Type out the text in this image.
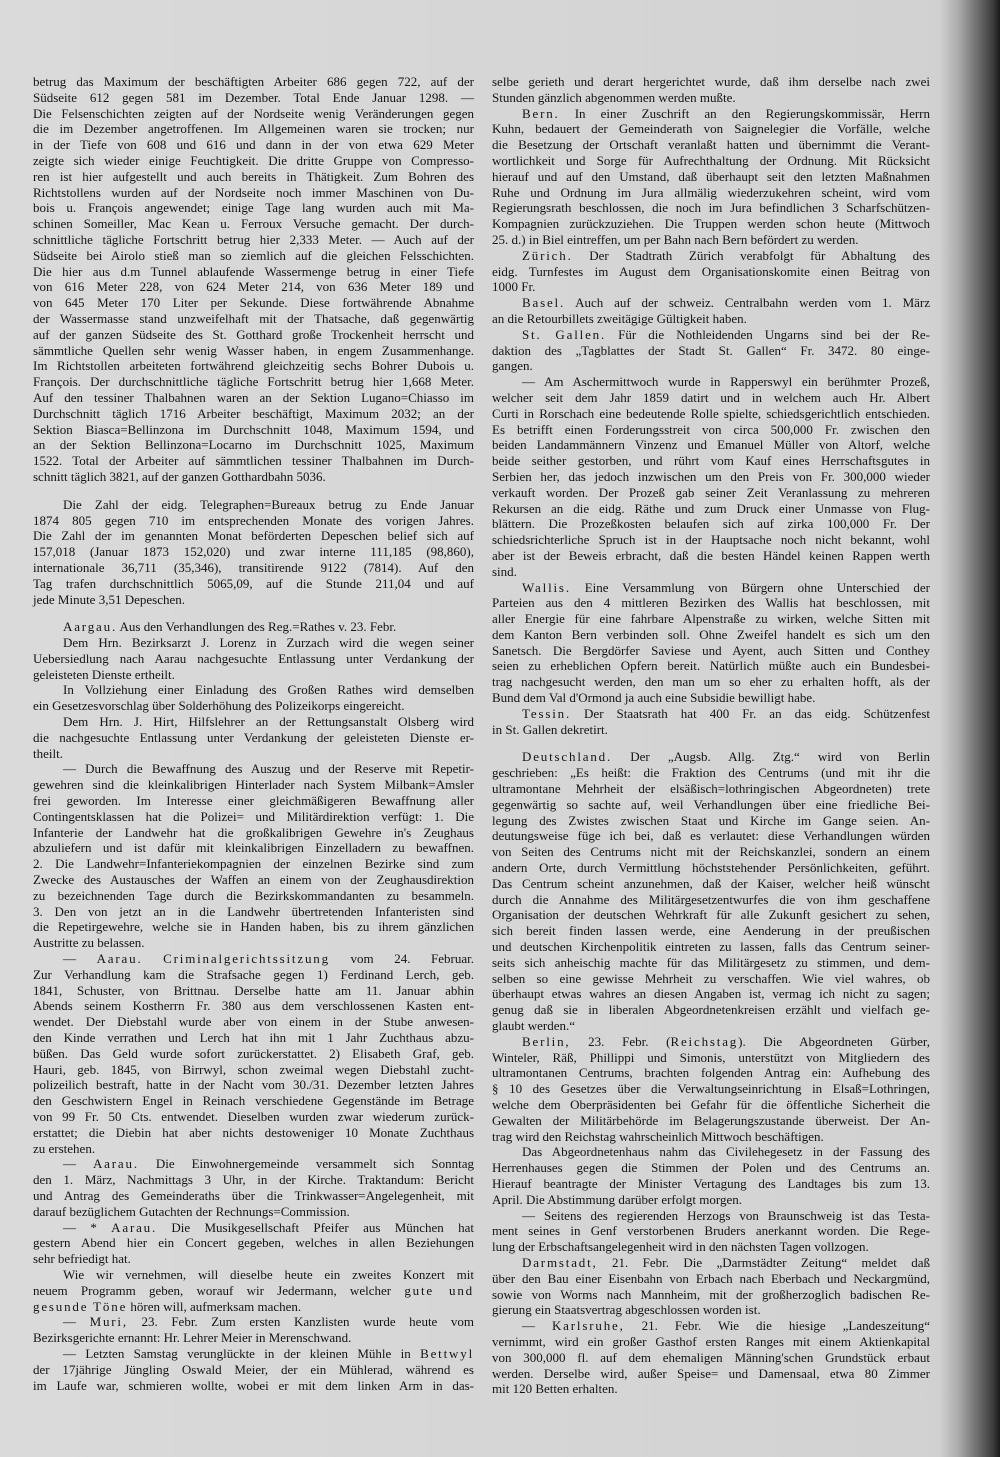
betrug das Maximum der beschäftigten Arbeiter 686 gegen 722, auf der
Südseite 612 gegen 581 im Dezember. Total Ende Januar 1298. —
Die Felsenschichten zeigten auf der Nordseite wenig Veränderungen gegen
die im Dezember angetroffenen. Im Allgemeinen waren sie trocken; nur
in der Tiefe von 608 und 616 und dann in der von etwa 629 Meter
zeigte sich wieder einige Feuchtigkeit. Die dritte Gruppe von Compresso-
ren ist hier aufgestellt und auch bereits in Thätigkeit. Zum Bohren des
Richtstollens wurden auf der Nordseite noch immer Maschinen von Du-
bois u. François angewendet; einige Tage lang wurden auch mit Ma-
schinen Someiller, Mac Kean u. Ferroux Versuche gemacht. Der durch-
schnittliche tägliche Fortschritt betrug hier 2,333 Meter. — Auch auf der
Südseite bei Airolo stieß man so ziemlich auf die gleichen Felsschichten.
Die hier aus d.m Tunnel ablaufende Wassermenge betrug in einer Tiefe
von 616 Meter 228, von 624 Meter 214, von 636 Meter 189 und
von 645 Meter 170 Liter per Sekunde. Diese fortwährende Abnahme
der Wassermasse stand unzweifelhaft mit der Thatsache, daß gegenwärtig
auf der ganzen Südseite des St. Gotthard große Trockenheit herrscht und
sämmtliche Quellen sehr wenig Wasser haben, in engem Zusammenhange.
Im Richtstollen arbeiteten fortwährend gleichzeitig sechs Bohrer Dubois u.
François. Der durchschnittliche tägliche Fortschritt betrug hier 1,668 Meter.
Auf den tessiner Thalbahnen waren an der Sektion Lugano=Chiasso im
Durchschnitt täglich 1716 Arbeiter beschäftigt, Maximum 2032; an der
Sektion Biasca=Bellinzona im Durchschnitt 1048, Maximum 1594, und
an der Sektion Bellinzona=Locarno im Durchschnitt 1025, Maximum
1522. Total der Arbeiter auf sämmtlichen tessiner Thalbahnen im Durch-
schnitt täglich 3821, auf der ganzen Gotthardbahn 5036.
Die Zahl der eidg. Telegraphen=Bureaux betrug zu Ende Januar
1874 805 gegen 710 im entsprechenden Monate des vorigen Jahres.
Die Zahl der im genannten Monat beförderten Depeschen belief sich auf
157,018 (Januar 1873 152,020) und zwar interne 111,185 (98,860),
internationale 36,711 (35,346), transitirende 9122 (7814). Auf den
Tag trafen durchschnittlich 5065,09, auf die Stunde 211,04 und auf
jede Minute 3,51 Depeschen.
Aargau. Aus den Verhandlungen des Reg.=Rathes v. 23. Febr.
Dem Hrn. Bezirksarzt J. Lorenz in Zurzach wird die wegen seiner
Uebersiedlung nach Aarau nachgesuchte Entlassung unter Verdankung der
geleisteten Dienste ertheilt.
In Vollziehung einer Einladung des Großen Rathes wird demselben
ein Gesetzesvorschlag über Solderhöhung des Polizeikorps eingereicht.
Dem Hrn. J. Hirt, Hilfslehrer an der Rettungsanstalt Olsberg wird
die nachgesuchte Entlassung unter Verdankung der geleisteten Dienste er-
theilt.
— Durch die Bewaffnung des Auszug und der Reserve mit Repetir-
gewehren sind die kleinkalibrigen Hinterlader nach System Milbank=Amsler
frei geworden. Im Interesse einer gleichmäßigeren Bewaffnung aller
Contingentsklassen hat die Polizei= und Militärdirektion verfügt: 1. Die
Infanterie der Landwehr hat die großkalibrigen Gewehre in's Zeughaus
abzuliefern und ist dafür mit kleinkalibrigen Einzelladern zu bewaffnen.
2. Die Landwehr=Infanteriekompagnien der einzelnen Bezirke sind zum
Zwecke des Austausches der Waffen an einem von der Zeughausdirektion
zu bezeichnenden Tage durch die Bezirkskommandanten zu besammeln.
3. Den von jetzt an in die Landwehr übertretenden Infanteristen sind
die Repetirgewehre, welche sie in Handen haben, bis zu ihrem gänzlichen
Austritte zu belassen.
— Aarau. Criminalgerichtssitzung vom 24. Februar.
Zur Verhandlung kam die Strafsache gegen 1) Ferdinand Lerch, geb.
1841, Schuster, von Brittnau. Derselbe hatte am 11. Januar abhin
Abends seinem Kostherrn Fr. 380 aus dem verschlossenen Kasten ent-
wendet. Der Diebstahl wurde aber von einem in der Stube anwesen-
den Kinde verrathen und Lerch hat ihn mit 1 Jahr Zuchthaus abzu-
büßen. Das Geld wurde sofort zurückerstattet. 2) Elisabeth Graf, geb.
Hauri, geb. 1845, von Birrwyl, schon zweimal wegen Diebstahl zucht-
polizeilich bestraft, hatte in der Nacht vom 30./31. Dezember letzten Jahres
den Geschwistern Engel in Reinach verschiedene Gegenstände im Betrage
von 99 Fr. 50 Cts. entwendet. Dieselben wurden zwar wiederum zurück-
erstattet; die Diebin hat aber nichts destoweniger 10 Monate Zuchthaus
zu erstehen.
— Aarau. Die Einwohnergemeinde versammelt sich Sonntag
den 1. März, Nachmittags 3 Uhr, in der Kirche. Traktandum: Bericht
und Antrag des Gemeinderaths über die Trinkwasser=Angelegenheit, mit
darauf bezüglichem Gutachten der Rechnungs=Commission.
— * Aarau. Die Musikgesellschaft Pfeifer aus München hat
gestern Abend hier ein Concert gegeben, welches in allen Beziehungen
sehr befriedigt hat.
Wie wir vernehmen, will dieselbe heute ein zweites Konzert mit
neuem Programm geben, worauf wir Jedermann, welcher gute und
gesunde Töne hören will, aufmerksam machen.
— Muri, 23. Febr. Zum ersten Kanzlisten wurde heute vom
Bezirksgerichte ernannt: Hr. Lehrer Meier in Merenschwand.
— Letzten Samstag verunglückte in der kleinen Mühle in Bettwyl
der 17jährige Jüngling Oswald Meier, der ein Mühlerad, während es
im Laufe war, schmieren wollte, wobei er mit dem linken Arm in das-
selbe gerieth und derart hergerichtet wurde, daß ihm derselbe nach zwei
Stunden gänzlich abgenommen werden mußte.
Bern. In einer Zuschrift an den Regierungskommissär, Herrn
Kuhn, bedauert der Gemeinderath von Saignelegier die Vorfälle, welche
die Besetzung der Ortschaft veranlaßt hatten und übernimmt die Verant-
wortlichkeit und Sorge für Aufrechthaltung der Ordnung. Mit Rücksicht
hierauf und auf den Umstand, daß überhaupt seit den letzten Maßnahmen
Ruhe und Ordnung im Jura allmälig wiederzukehren scheint, wird vom
Regierungsrath beschlossen, die noch im Jura befindlichen 3 Scharfschützen-
Kompagnien zurückzuziehen. Die Truppen werden schon heute (Mittwoch
25. d.) in Biel eintreffen, um per Bahn nach Bern befördert zu werden.
Zürich. Der Stadtrath Zürich verabfolgt für Abhaltung des
eidg. Turnfestes im August dem Organisationskomite einen Beitrag von
1000 Fr.
Basel. Auch auf der schweiz. Centralbahn werden vom 1. März
an die Retourbillets zweitägige Gültigkeit haben.
St. Gallen. Für die Nothleidenden Ungarns sind bei der Re-
daktion des „Tagblattes der Stadt St. Gallen“ Fr. 3472. 80 einge-
gangen.
— Am Aschermittwoch wurde in Rapperswyl ein berühmter Prozeß,
welcher seit dem Jahr 1859 datirt und in welchem auch Hr. Albert
Curti in Rorschach eine bedeutende Rolle spielte, schiedsgerichtlich entschieden.
Es betrifft einen Forderungsstreit von circa 500,000 Fr. zwischen den
beiden Landammännern Vinzenz und Emanuel Müller von Altorf, welche
beide seither gestorben, und rührt vom Kauf eines Herrschaftsgutes in
Serbien her, das jedoch inzwischen um den Preis von Fr. 300,000 wieder
verkauft worden. Der Prozeß gab seiner Zeit Veranlassung zu mehreren
Rekursen an die eidg. Räthe und zum Druck einer Unmasse von Flug-
blättern. Die Prozeßkosten belaufen sich auf zirka 100,000 Fr. Der
schiedsrichterliche Spruch ist in der Hauptsache noch nicht bekannt, wohl
aber ist der Beweis erbracht, daß die besten Händel keinen Rappen werth
sind.
Wallis. Eine Versammlung von Bürgern ohne Unterschied der
Parteien aus den 4 mittleren Bezirken des Wallis hat beschlossen, mit
aller Energie für eine fahrbare Alpenstraße zu wirken, welche Sitten mit
dem Kanton Bern verbinden soll. Ohne Zweifel handelt es sich um den
Sanetsch. Die Bergdörfer Saviese und Ayent, auch Sitten und Conthey
seien zu erheblichen Opfern bereit. Natürlich müßte auch ein Bundesbei-
trag nachgesucht werden, den man um so eher zu erhalten hofft, als der
Bund dem Val d'Ormond ja auch eine Subsidie bewilligt habe.
Tessin. Der Staatsrath hat 400 Fr. an das eidg. Schützenfest
in St. Gallen dekretirt.
Deutschland. Der „Augsb. Allg. Ztg.“ wird von Berlin
geschrieben: „Es heißt: die Fraktion des Centrums (und mit ihr die
ultramontane Mehrheit der elsäßisch=lothringischen Abgeordneten) trete
gegenwärtig so sachte auf, weil Verhandlungen über eine friedliche Bei-
legung des Zwistes zwischen Staat und Kirche im Gange seien. An-
deutungsweise füge ich bei, daß es verlautet: diese Verhandlungen würden
von Seiten des Centrums nicht mit der Reichskanzlei, sondern an einem
andern Orte, durch Vermittlung höchststehender Persönlichkeiten, geführt.
Das Centrum scheint anzunehmen, daß der Kaiser, welcher heiß wünscht
durch die Annahme des Militärgesetzentwurfes die von ihm geschaffene
Organisation der deutschen Wehrkraft für alle Zukunft gesichert zu sehen,
sich bereit finden lassen werde, eine Aenderung in der preußischen
und deutschen Kirchenpolitik eintreten zu lassen, falls das Centrum seiner-
seits sich anheischig machte für das Militärgesetz zu stimmen, und dem-
selben so eine gewisse Mehrheit zu verschaffen. Wie viel wahres, ob
überhaupt etwas wahres an diesen Angaben ist, vermag ich nicht zu sagen;
genug daß sie in liberalen Abgeordnetenkreisen erzählt und vielfach ge-
glaubt werden.“
Berlin, 23. Febr. (Reichstag). Die Abgeordneten Gürber,
Winteler, Räß, Phillippi und Simonis, unterstützt von Mitgliedern des
ultramontanen Centrums, brachten folgenden Antrag ein: Aufhebung des
§ 10 des Gesetzes über die Verwaltungseinrichtung in Elsaß=Lothringen,
welche dem Oberpräsidenten bei Gefahr für die öffentliche Sicherheit die
Gewalten der Militärbehörde im Belagerungszustande überweist. Der An-
trag wird den Reichstag wahrscheinlich Mittwoch beschäftigen.
Das Abgeordnetenhaus nahm das Civilehegesetz in der Fassung des
Herrenhauses gegen die Stimmen der Polen und des Centrums an.
Hierauf beantragte der Minister Vertagung des Landtages bis zum 13.
April. Die Abstimmung darüber erfolgt morgen.
— Seitens des regierenden Herzogs von Braunschweig ist das Testa-
ment seines in Genf verstorbenen Bruders anerkannt worden. Die Rege-
lung der Erbschaftsangelegenheit wird in den nächsten Tagen vollzogen.
Darmstadt, 21. Febr. Die „Darmstädter Zeitung“ meldet daß
über den Bau einer Eisenbahn von Erbach nach Eberbach und Neckargmünd,
sowie von Worms nach Mannheim, mit der großherzoglich badischen Re-
gierung ein Staatsvertrag abgeschlossen worden ist.
— Karlsruhe, 21. Febr. Wie die hiesige „Landeszeitung“
vernimmt, wird ein großer Gasthof ersten Ranges mit einem Aktienkapital
von 300,000 fl. auf dem ehemaligen Männing'schen Grundstück erbaut
werden. Derselbe wird, außer Speise= und Damensaal, etwa 80 Zimmer
mit 120 Betten erhalten.
